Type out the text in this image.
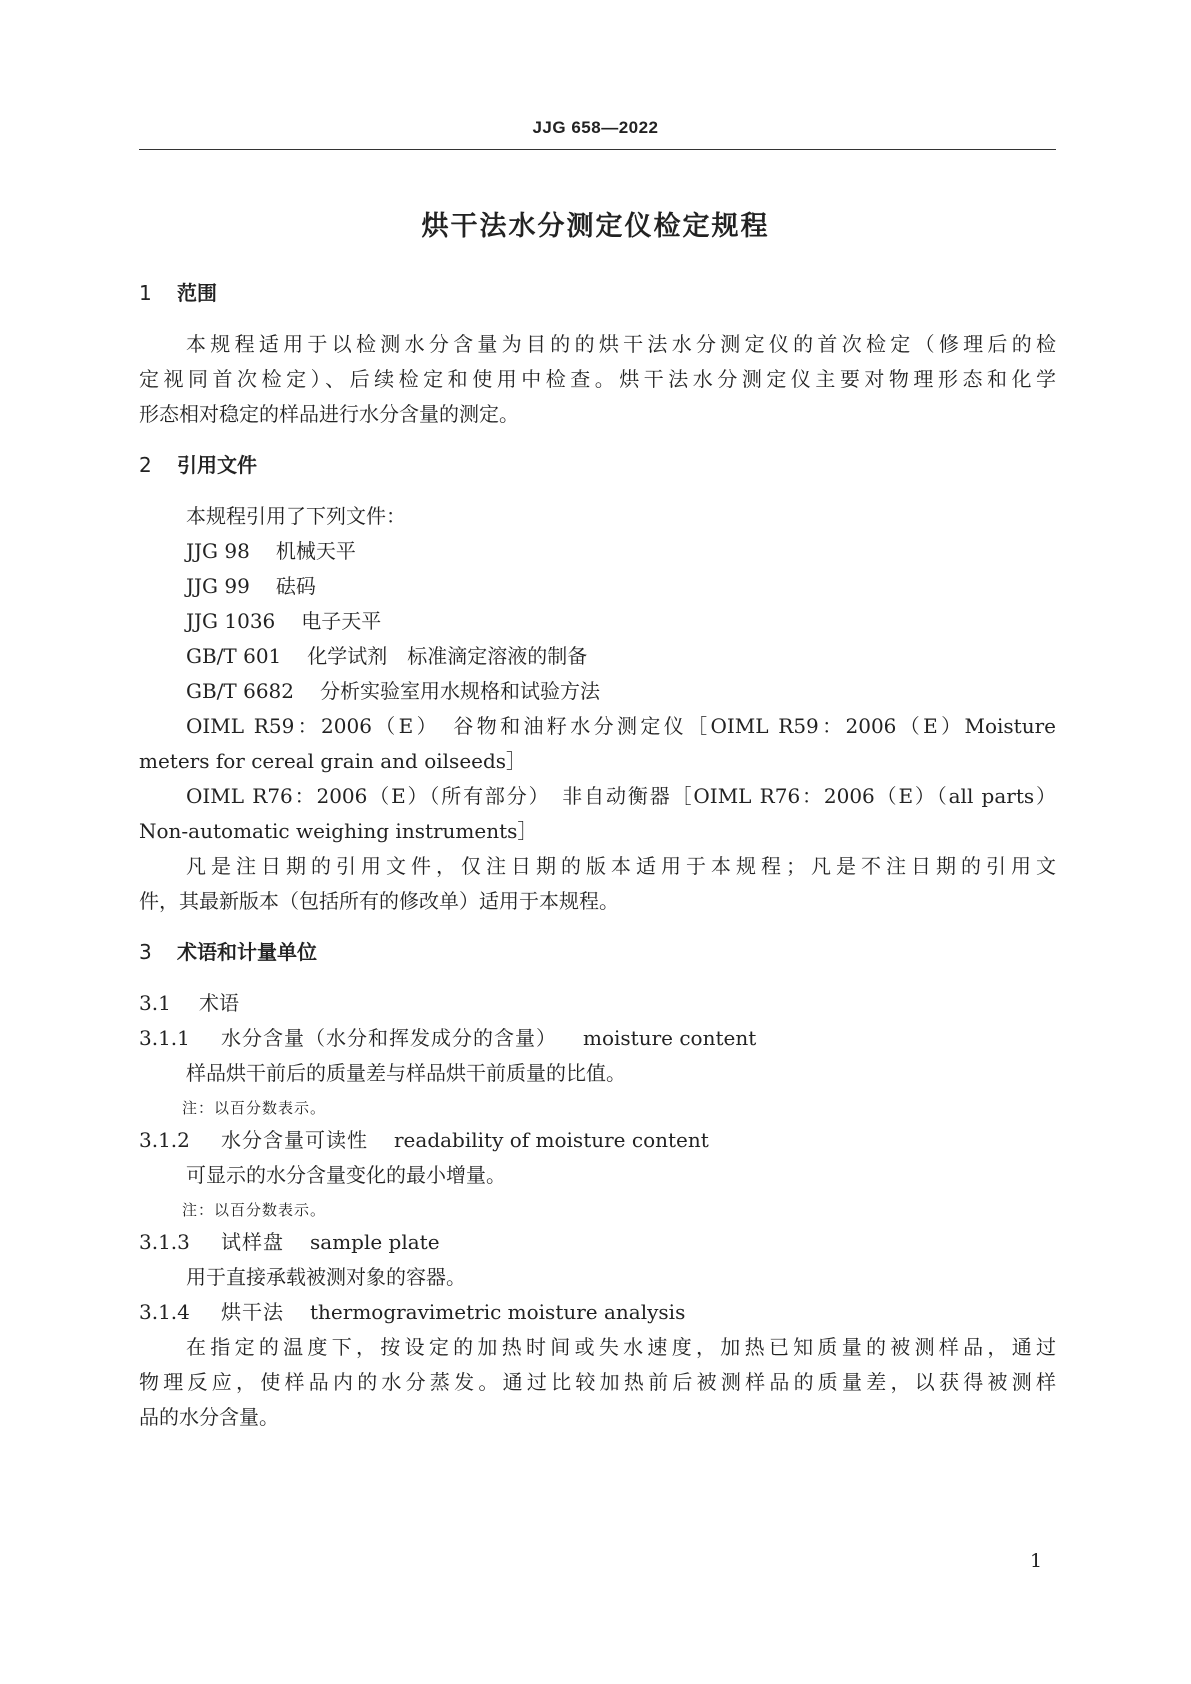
JJG 658—2022
烘干法水分测定仪检定规程
1 范围
本规程适用于以检测水分含量为目的的烘干法水分测定仪的首次检定（修理后的检
定视同首次检定）、后续检定和使用中检查。烘干法水分测定仪主要对物理形态和化学
形态相对稳定的样品进行水分含量的测定。
2 引用文件
本规程引用了下列文件：
JJG 98 机械天平
JJG 99 砝码
JJG 1036 电子天平
GB/T 601 化学试剂　标准滴定溶液的制备
GB/T 6682 分析实验室用水规格和试验方法
OIML R59：2006（E）　谷物和油籽水分测定仪［OIML R59：2006（E）Moisture
meters for cereal grain and oilseeds］
OIML R76：2006（E）（所有部分）　非自动衡器［OIML R76：2006（E）（all parts）
Non-automatic weighing instruments］
凡是注日期的引用文件，仅注日期的版本适用于本规程；凡是不注日期的引用文
件，其最新版本（包括所有的修改单）适用于本规程。
3 术语和计量单位
3.1 术语
3.1.1 水分含量（水分和挥发成分的含量） moisture content
样品烘干前后的质量差与样品烘干前质量的比值。
注：以百分数表示。
3.1.2 水分含量可读性 readability of moisture content
可显示的水分含量变化的最小增量。
注：以百分数表示。
3.1.3 试样盘 sample plate
用于直接承载被测对象的容器。
3.1.4 烘干法 thermogravimetric moisture analysis
在指定的温度下，按设定的加热时间或失水速度，加热已知质量的被测样品，通过
物理反应，使样品内的水分蒸发。通过比较加热前后被测样品的质量差，以获得被测样
品的水分含量。
1
